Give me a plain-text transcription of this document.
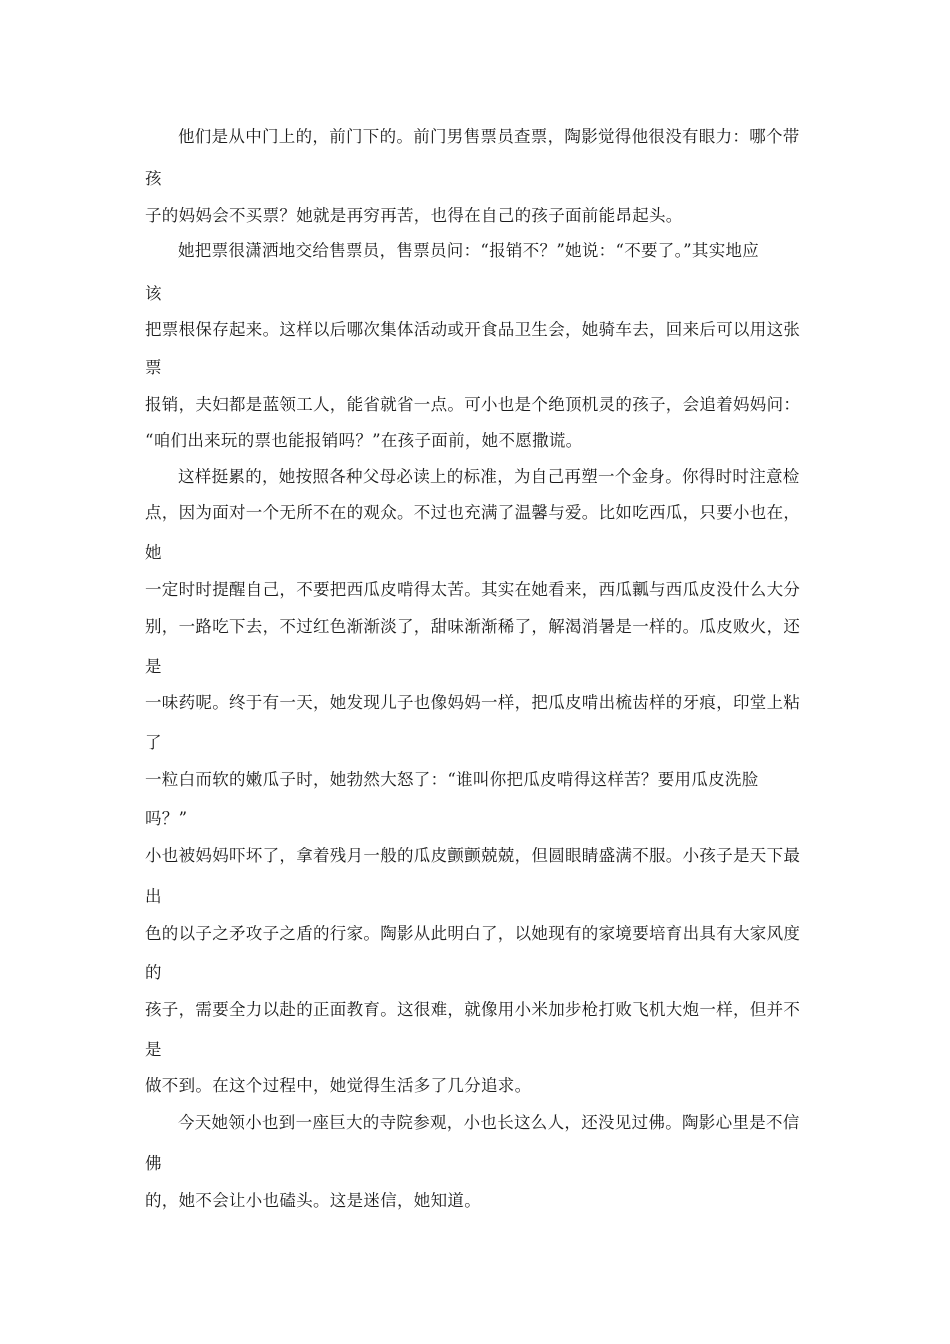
他们是从中门上的，前门下的。前门男售票员查票，陶影觉得他很没有眼力：哪个带
孩
子的妈妈会不买票？她就是再穷再苦，也得在自己的孩子面前能昂起头。
她把票很潇洒地交给售票员，售票员问：“报销不？”她说：“不要了。”其实地应
该
把票根保存起来。这样以后哪次集体活动或开食品卫生会，她骑车去，回来后可以用这张
票
报销，夫妇都是蓝领工人，能省就省一点。可小也是个绝顶机灵的孩子，会追着妈妈问：
“咱们出来玩的票也能报销吗？”在孩子面前，她不愿撒谎。
这样挺累的，她按照各种父母必读上的标准，为自己再塑一个金身。你得时时注意检
点，因为面对一个无所不在的观众。不过也充满了温馨与爱。比如吃西瓜，只要小也在，
她
一定时时提醒自己，不要把西瓜皮啃得太苦。其实在她看来，西瓜瓤与西瓜皮没什么大分
别，一路吃下去，不过红色渐渐淡了，甜味渐渐稀了，解渴消暑是一样的。瓜皮败火，还
是
一味药呢。终于有一天，她发现儿子也像妈妈一样，把瓜皮啃出梳齿样的牙痕，印堂上粘
了
一粒白而软的嫩瓜子时，她勃然大怒了：“谁叫你把瓜皮啃得这样苦？要用瓜皮洗脸
吗？”
小也被妈妈吓坏了，拿着残月一般的瓜皮颤颤兢兢，但圆眼睛盛满不服。小孩子是天下最
出
色的以子之矛攻子之盾的行家。陶影从此明白了，以她现有的家境要培育出具有大家风度
的
孩子，需要全力以赴的正面教育。这很难，就像用小米加步枪打败飞机大炮一样，但并不
是
做不到。在这个过程中，她觉得生活多了几分追求。
今天她领小也到一座巨大的寺院参观，小也长这么人，还没见过佛。陶影心里是不信
佛
的，她不会让小也磕头。这是迷信，她知道。
